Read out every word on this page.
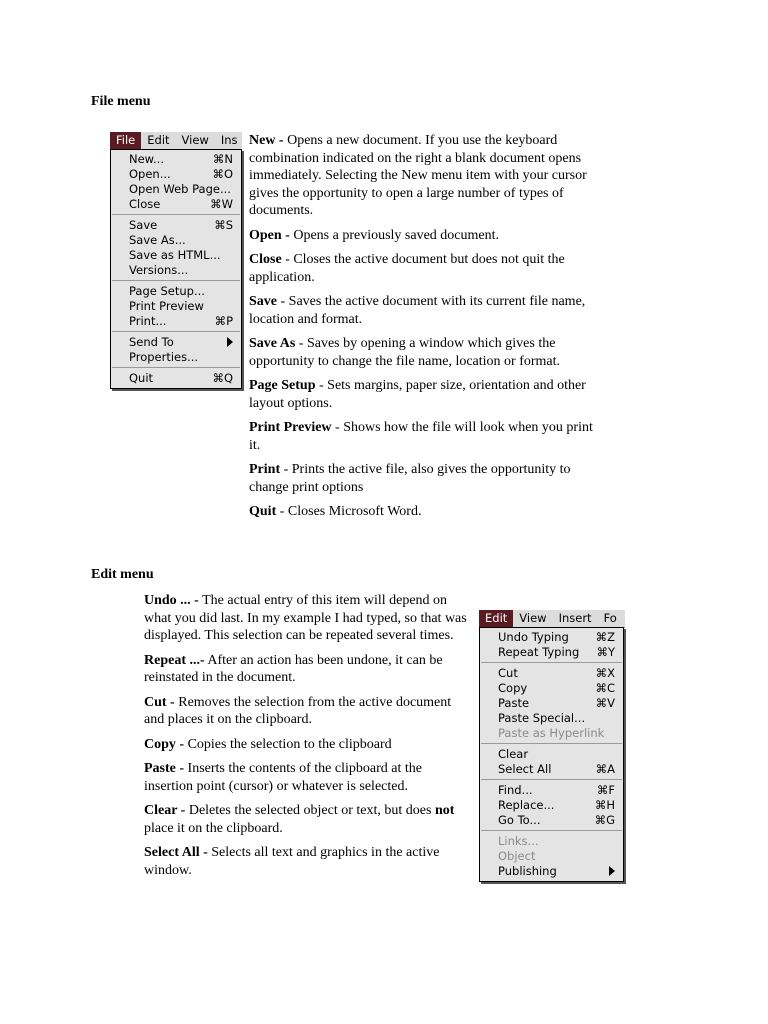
File menu
File	Edit	View	Ins
New...	⌘N
Open...	⌘O
Open Web Page...
Close	⌘W
Save	⌘S
Save As...
Save as HTML...
Versions...
Page Setup...
Print Preview
Print...	⌘P
Send To
Properties...
Quit	⌘Q

New - Opens a new document. If you use the keyboard combination indicated on the right a blank document opens immediately. Selecting the New menu item with your cursor gives the opportunity to open a large number of types of documents.

Open - Opens a previously saved document.

Close - Closes the active document but does not quit the application.

Save - Saves the active document with its current file name, location and format.

Save As - Saves by opening a window which gives the opportunity to change the file name, location or format.

Page Setup - Sets margins, paper size, orientation and other layout options.

Print Preview - Shows how the file will look when you print it.

Print - Prints the active file, also gives the opportunity to change print options

Quit - Closes Microsoft Word.

Edit menu

Undo ... - The actual entry of this item will depend on what you did last. In my example I had typed, so that was displayed. This selection can be repeated several times.

Repeat ...- After an action has been undone, it can be reinstated in the document.

Cut - Removes the selection from the active document and places it on the clipboard.

Copy - Copies the selection to the clipboard

Paste - Inserts the contents of the clipboard at the insertion point (cursor) or whatever is selected.

Clear - Deletes the selected object or text, but does not place it on the clipboard.

Select All - Selects all text and graphics in the active window.

Edit	View	Insert	Fo
Undo Typing	⌘Z
Repeat Typing	⌘Y
Cut	⌘X
Copy	⌘C
Paste	⌘V
Paste Special...
Paste as Hyperlink
Clear
Select All	⌘A
Find...	⌘F
Replace...	⌘H
Go To...	⌘G
Links...
Object
Publishing
